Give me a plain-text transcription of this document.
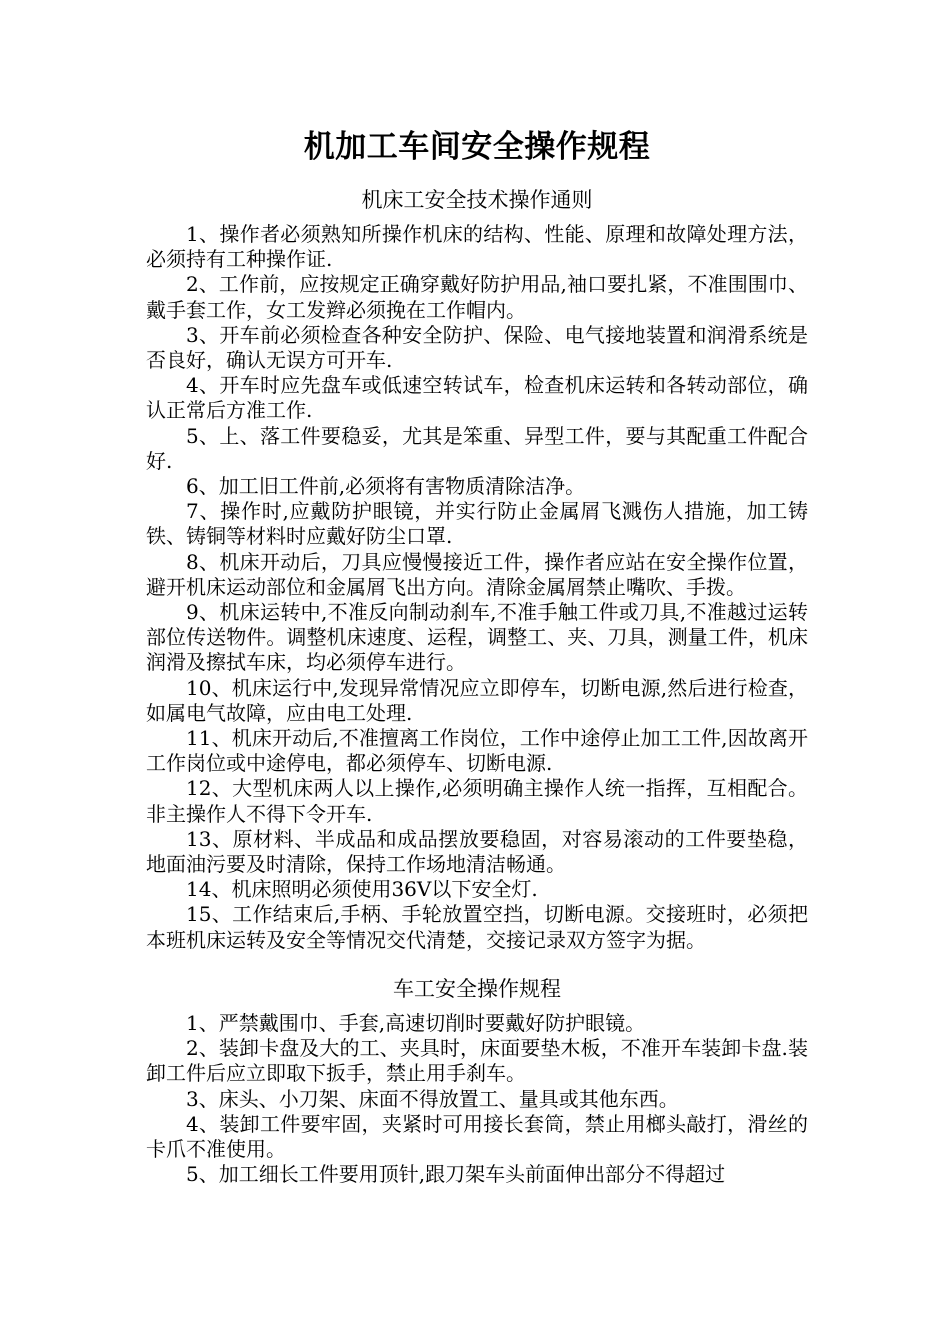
机加工车间安全操作规程
机床工安全技术操作通则

1、操作者必须熟知所操作机床的结构、性能、原理和故障处理方法，必须持有工种操作证.

2、工作前，应按规定正确穿戴好防护用品,袖口要扎紧，不准围围巾、戴手套工作，女工发辫必须挽在工作帽内。

3、开车前必须检查各种安全防护、保险、电气接地装置和润滑系统是否良好，确认无误方可开车.

4、开车时应先盘车或低速空转试车，检查机床运转和各转动部位，确认正常后方准工作.

5、上、落工件要稳妥，尤其是笨重、异型工件，要与其配重工件配合好.

6、加工旧工件前,必须将有害物质清除洁净。

7、操作时,应戴防护眼镜，并实行防止金属屑飞溅伤人措施，加工铸铁、铸铜等材料时应戴好防尘口罩.

8、机床开动后，刀具应慢慢接近工件，操作者应站在安全操作位置，避开机床运动部位和金属屑飞出方向。清除金属屑禁止嘴吹、手拨。

9、机床运转中,不准反向制动刹车,不准手触工件或刀具,不准越过运转部位传送物件。调整机床速度、运程，调整工、夹、刀具，测量工件，机床润滑及擦拭车床，均必须停车进行。

10、机床运行中,发现异常情况应立即停车，切断电源,然后进行检查，如属电气故障，应由电工处理.

11、机床开动后,不准擅离工作岗位，工作中途停止加工工件,因故离开工作岗位或中途停电，都必须停车、切断电源.

12、大型机床两人以上操作,必须明确主操作人统一指挥，互相配合。非主操作人不得下令开车.

13、原材料、半成品和成品摆放要稳固，对容易滚动的工件要垫稳，地面油污要及时清除，保持工作场地清洁畅通。

14、机床照明必须使用36V以下安全灯.

15、工作结束后,手柄、手轮放置空挡，切断电源。交接班时，必须把本班机床运转及安全等情况交代清楚，交接记录双方签字为据。

车工安全操作规程

1、严禁戴围巾、手套,高速切削时要戴好防护眼镜。

2、装卸卡盘及大的工、夹具时，床面要垫木板，不准开车装卸卡盘.装卸工件后应立即取下扳手，禁止用手刹车。

3、床头、小刀架、床面不得放置工、量具或其他东西。

4、装卸工件要牢固，夹紧时可用接长套筒，禁止用榔头敲打，滑丝的卡爪不准使用。

5、加工细长工件要用顶针,跟刀架车头前面伸出部分不得超过
